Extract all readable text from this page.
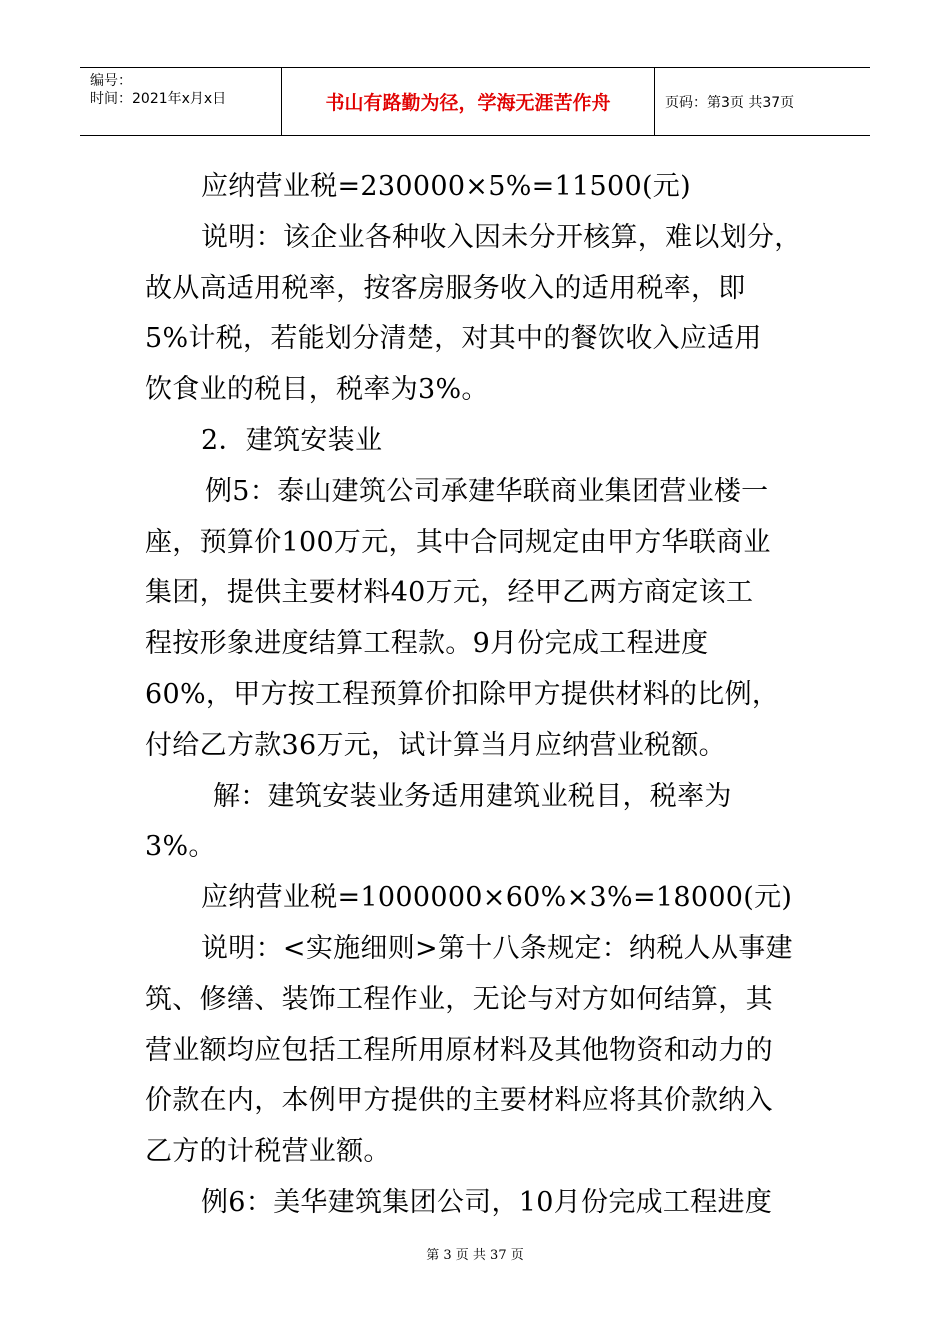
编号：
时间：2021年x月x日	书山有路勤为径，学海无涯苦作舟	页码：第3页 共37页
应纳营业税=230000×5%=11500(元)
说明：该企业各种收入因未分开核算，难以划分，
故从高适用税率，按客房服务收入的适用税率，即
5%计税，若能划分清楚，对其中的餐饮收入应适用
饮食业的税目，税率为3%。
2．建筑安装业
例5：泰山建筑公司承建华联商业集团营业楼一
座，预算价100万元，其中合同规定由甲方华联商业
集团，提供主要材料40万元，经甲乙两方商定该工
程按形象进度结算工程款。9月份完成工程进度
60%，甲方按工程预算价扣除甲方提供材料的比例，
付给乙方款36万元，试计算当月应纳营业税额。
解：建筑安装业务适用建筑业税目，税率为
3%。
应纳营业税=1000000×60%×3%=18000(元)
说明：<实施细则>第十八条规定：纳税人从事建
筑、修缮、装饰工程作业，无论与对方如何结算，其
营业额均应包括工程所用原材料及其他物资和动力的
价款在内，本例甲方提供的主要材料应将其价款纳入
乙方的计税营业额。
例6：美华建筑集团公司，10月份完成工程进度
第 3 页 共 37 页
